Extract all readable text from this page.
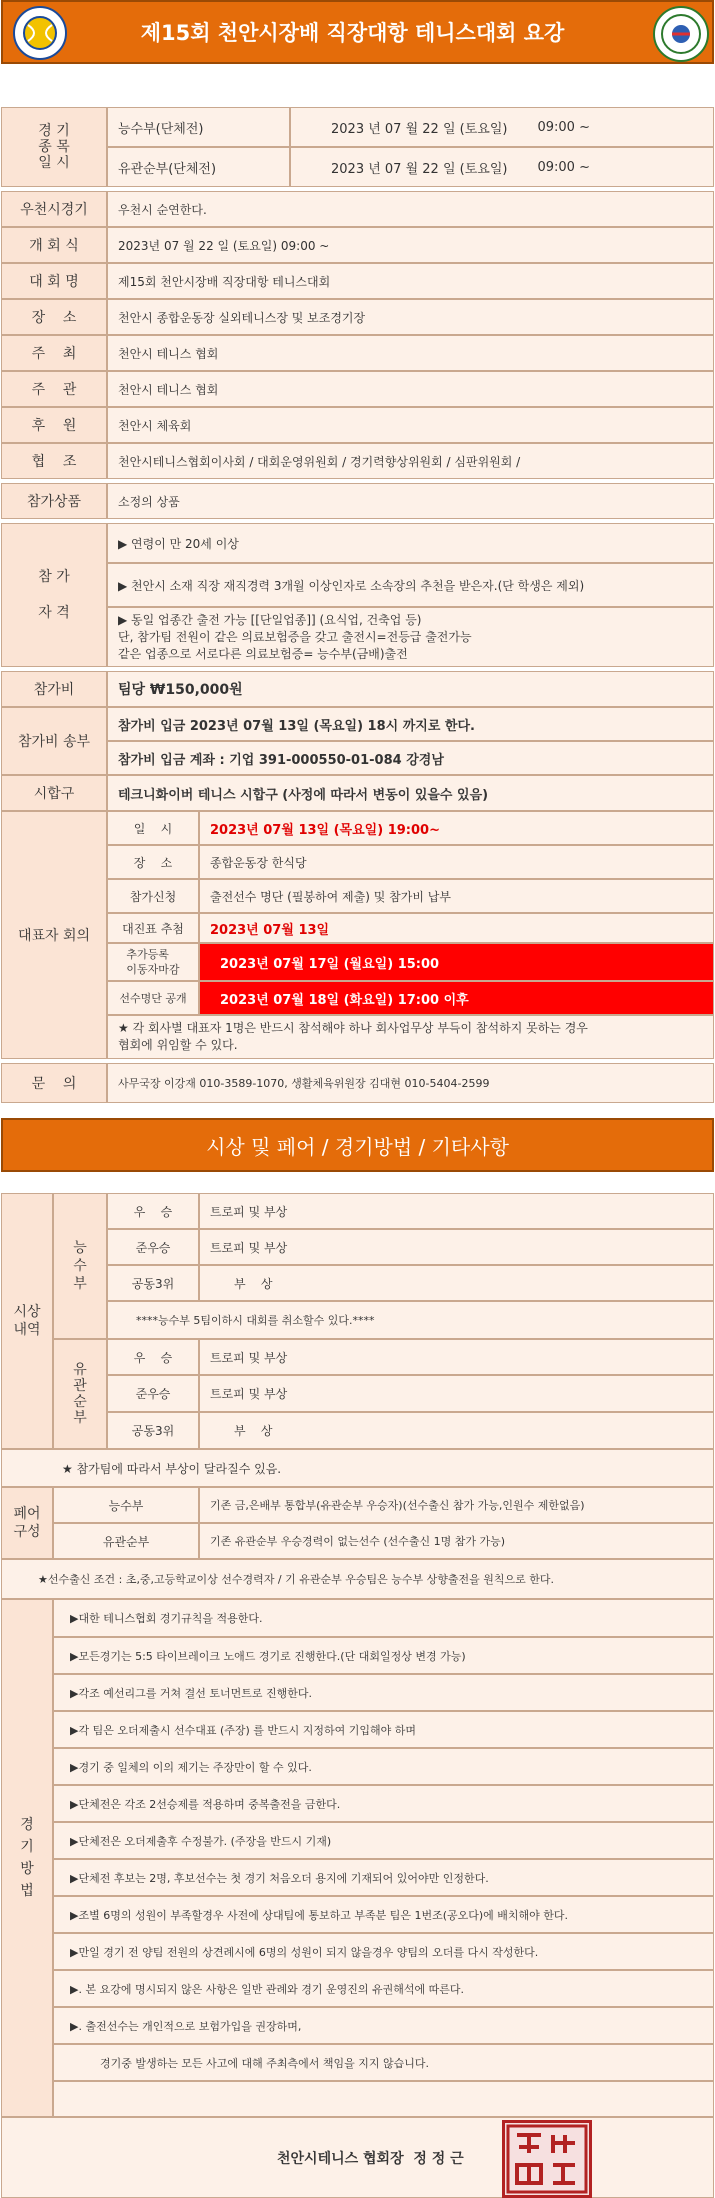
제15회 천안시장배 직장대항 테니스대회 요강
경 기
종 목
일 시
능수부(단체전)	2023 년 07 월 22 일 (토요일) 09:00 ~
유관순부(단체전)	2023 년 07 월 22 일 (토요일) 09:00 ~
우천시경기	우천시 순연한다.
개 회 식	2023년 07 월 22 일 (토요일) 09:00 ~
대 회 명	제15회 천안시장배 직장대항 테니스대회
장    소	천안시 종합운동장 실외테니스장 및 보조경기장
주    최	천안시 테니스 협회
주    관	천안시 테니스 협회
후    원	천안시 체육회
협    조	천안시테니스협회이사회 / 대회운영위원회 / 경기력향상위원회 / 심판위원회 /
참가상품	소정의 상품
참 가

자 격
▶ 연령이 만 20세 이상
▶ 천안시 소재 직장 재직경력 3개월 이상인자로 소속장의 추천을 받은자.(단 학생은 제외)
▶ 동일 업종간 출전 가능 [[단일업종]] (요식업, 건축업 등)
단, 참가팀 전원이 같은 의료보험증을 갖고 출전시=전등급 출전가능
같은 업종으로 서로다른 의료보험증= 능수부(금배)출전
참가비	팀당 ₩150,000원
참가비 송부
참가비 입금 2023년 07월 13일 (목요일) 18시 까지로 한다.
참가비 입금 계좌 : 기업 391-000550-01-084 강경남
시합구	테크니화이버 테니스 시합구 (사정에 따라서 변동이 있을수 있음)
대표자 회의
일    시	2023년 07월 13일 (목요일) 19:00~
장    소	종합운동장 한식당
참가신청	출전선수 명단 (필봉하여 제출) 및 참가비 납부
대진표 추첨	2023년 07월 13일
추가등록
이동자마감	2023년 07월 17일 (월요일) 15:00
선수명단 공개	2023년 07월 18일 (화요일) 17:00 이후
★ 각 회사별 대표자 1명은 반드시 참석해야 하나 회사업무상 부득이 참석하지 못하는 경우
협회에 위임할 수 있다.
문    의	사무국장 이강재 010-3589-1070, 생활체육위원장 김대현 010-5404-2599
시상 및 페어 / 경기방법 / 기타사항
시상
내역
능
수
부
우    승	트로피 및 부상
준우승	트로피 및 부상
공동3위	부    상
****능수부 5팀이하시 대회를 취소할수 있다.****
유
관
순
부
우    승	트로피 및 부상
준우승	트로피 및 부상
공동3위	부    상
★ 참가팀에 따라서 부상이 달라질수 있음.
페어
구성
능수부	기존 금,은배부 통합부(유관순부 우승자)(선수출신 참가 가능,인원수 제한없음)
유관순부	기존 유관순부 우승경력이 없는선수 (선수출신 1명 참가 가능)
★선수출신 조건 : 초,중,고등학교이상 선수경력자 / 기 유관순부 우승팀은 능수부 상향출전을 원칙으로 한다.
경
기
방
법
▶대한 테니스협회 경기규칙을 적용한다.
▶모든경기는 5:5 타이브레이크 노애드 경기로 진행한다.(단 대회일정상 변경 가능)
▶각조 예선리그를 거쳐 결선 토너먼트로 진행한다.
▶각 팀은 오더제출시 선수대표 (주장) 를 반드시 지정하여 기입해야 하며
▶경기 중 일체의 이의 제기는 주장만이 할 수 있다.
▶단체전은 각조 2선승제를 적용하며 중복출전을 금한다.
▶단체전은 오더제출후 수정불가. (주장을 반드시 기재)
▶단체전 후보는 2명, 후보선수는 첫 경기 처음오더 용지에 기재되어 있어야만 인정한다.
▶조별 6명의 성원이 부족할경우 사전에 상대팀에 통보하고 부족분 팀은 1번조(공오다)에 배치해야 한다.
▶만일 경기 전 양팀 전원의 상견례시에 6명의 성원이 되지 않을경우 양팀의 오더를 다시 작성한다.
▶. 본 요강에 명시되지 않은 사항은 일반 관례와 경기 운영진의 유권해석에 따른다.
▶. 출전선수는 개인적으로 보험가입을 권장하며,
경기중 발생하는 모든 사고에 대해 주최측에서 책임을 지지 않습니다.
천안시테니스 협회장  정 정 근
